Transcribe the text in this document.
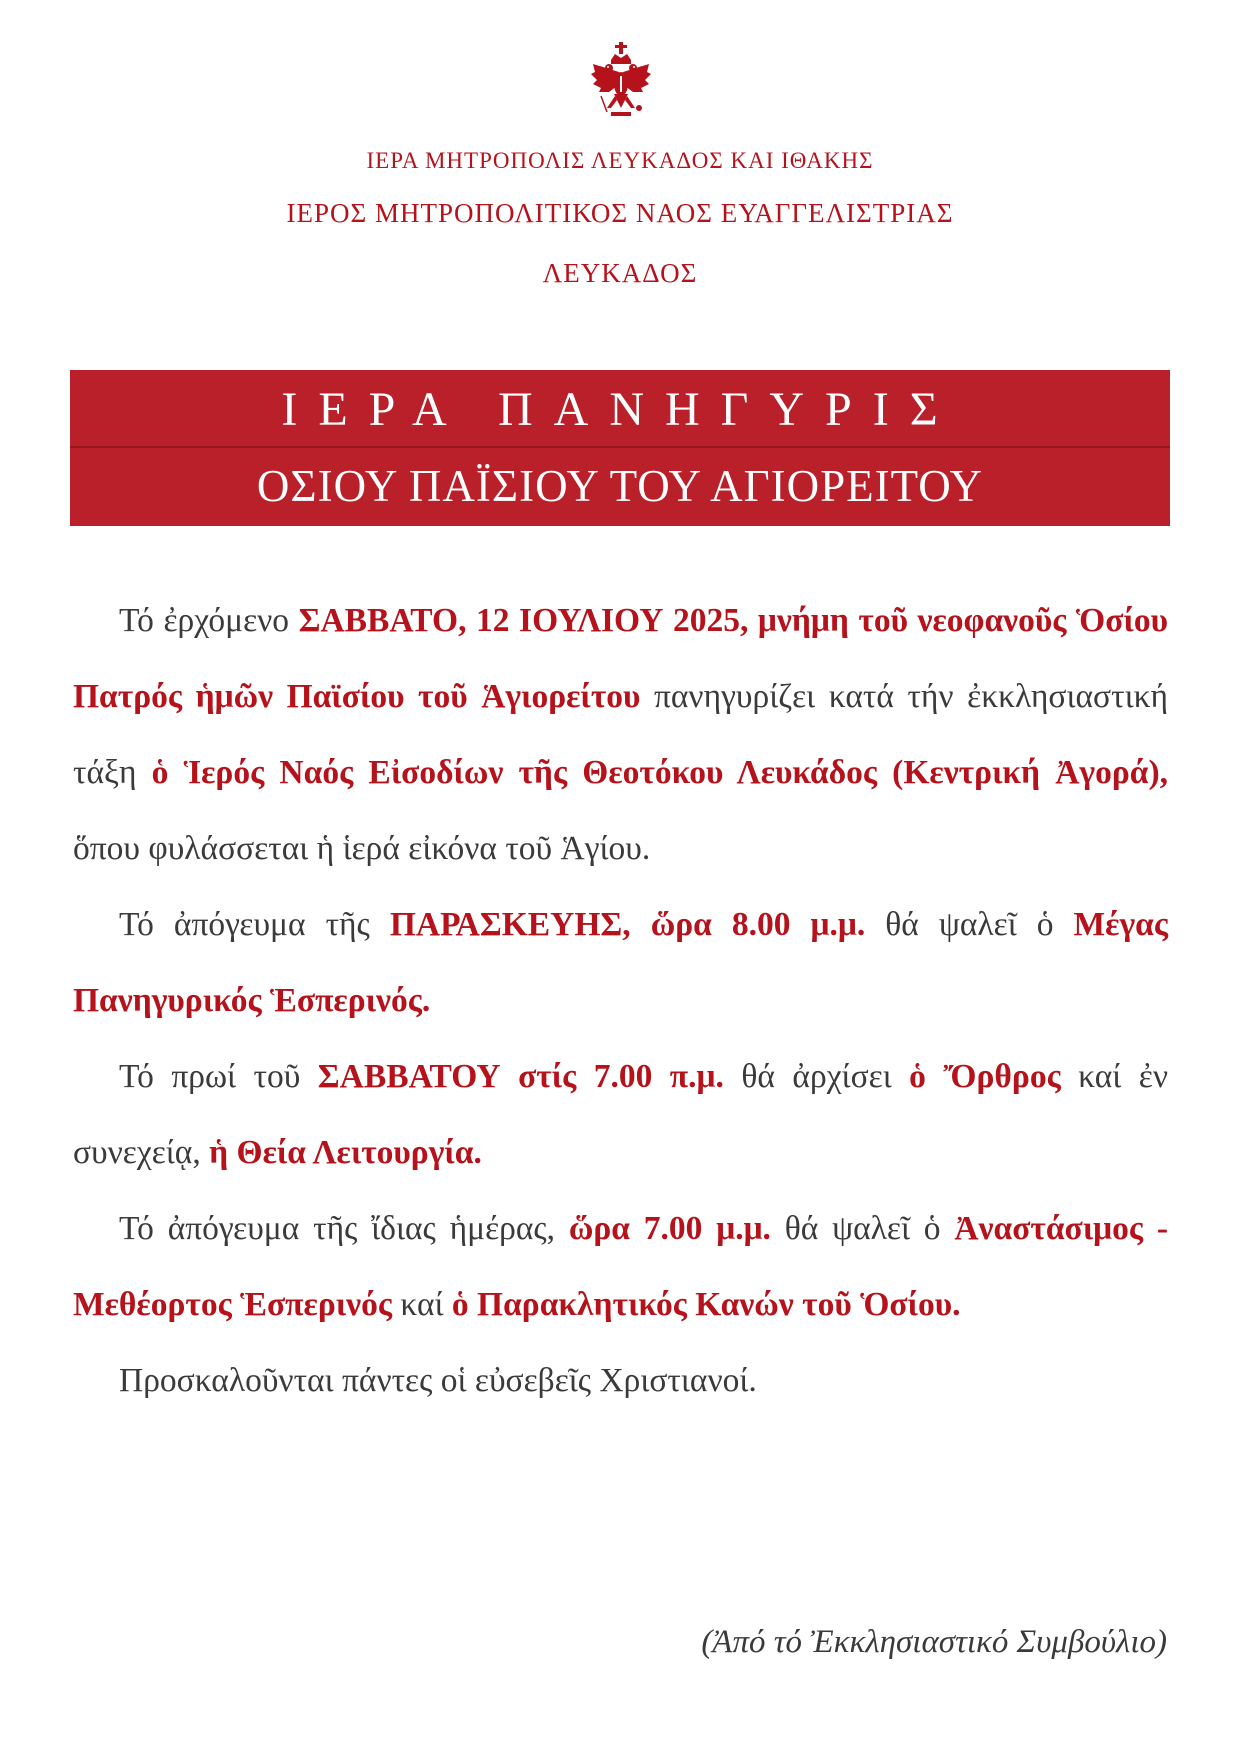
ΙΕΡΑ ΜΗΤΡΟΠΟΛΙΣ ΛΕΥΚΑΔΟΣ ΚΑΙ ΙΘΑΚΗΣ
ΙΕΡΟΣ ΜΗΤΡΟΠΟΛΙΤΙΚΟΣ ΝΑΟΣ ΕΥΑΓΓΕΛΙΣΤΡΙΑΣ
ΛΕΥΚΑΔΟΣ
ΙΕΡΑ ΠΑΝΗΓΥΡΙΣ
ΟΣΙΟΥ ΠΑΪΣΙΟΥ ΤΟΥ ΑΓΙΟΡΕΙΤΟΥ

Τό ἐρχόμενο ΣΑΒΒΑΤΟ, 12 ΙΟΥΛΙΟΥ 2025, μνήμη τοῦ νεοφανοῦς Ὁσίου Πατρός ἡμῶν Παϊσίου τοῦ Ἁγιορείτου πανηγυρίζει κατά τήν ἐκκλησιαστική τάξη ὁ Ἱερός Ναός Εἰσοδίων τῆς Θεοτόκου Λευκάδος (Κεντρική Ἀγορά), ὅπου φυλάσσεται ἡ ἱερά εἰκόνα τοῦ Ἁγίου.

Τό ἀπόγευμα τῆς ΠΑΡΑΣΚΕΥΗΣ, ὥρα 8.00 μ.μ. θά ψαλεῖ ὁ Μέγας Πανηγυρικός Ἑσπερινός.

Τό πρωί τοῦ ΣΑΒΒΑΤΟΥ στίς 7.00 π.μ. θά ἀρχίσει ὁ Ὄρθρος καί ἐν συνεχείᾳ, ἡ Θεία Λειτουργία.

Τό ἀπόγευμα τῆς ἴδιας ἡμέρας, ὥρα 7.00 μ.μ. θά ψαλεῖ ὁ Ἀναστάσιμος - Μεθέορτος Ἑσπερινός καί ὁ Παρακλητικός Κανών τοῦ Ὁσίου.

Προσκαλοῦνται πάντες οἱ εὐσεβεῖς Χριστιανοί.

(Ἀπό τό Ἐκκλησιαστικό Συμβούλιο)
